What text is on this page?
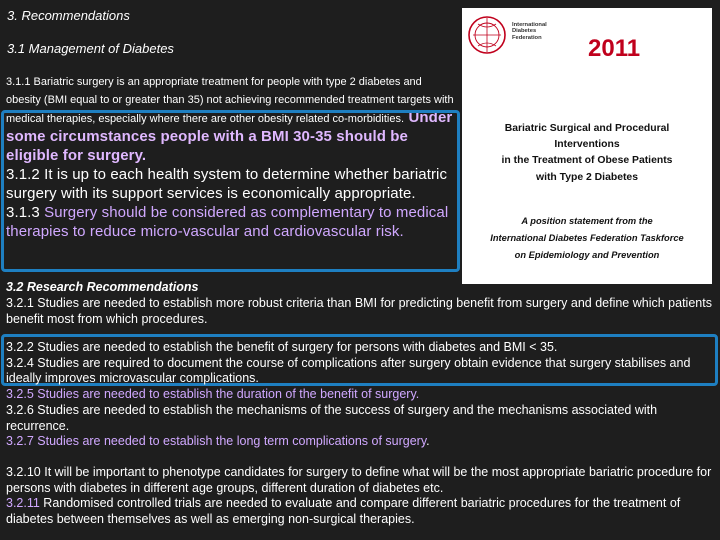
3. Recommendations
3.1 Management of Diabetes
3.1.1 Bariatric surgery is an appropriate treatment for people with type 2 diabetes and obesity (BMI equal to or greater than 35) not achieving recommended treatment targets with medical therapies, especially where there are other obesity related co-morbidities. Under some circumstances people with a BMI 30-35 should be eligible for surgery.
3.1.2 It is up to each health system to determine whether bariatric surgery with its support services is economically appropriate.
3.1.3 Surgery should be considered as complementary to medical therapies to reduce micro-vascular and cardiovascular risk.
3.2 Research Recommendations
3.2.1 Studies are needed to establish more robust criteria than BMI for predicting benefit from surgery and define which patients benefit most from which procedures.
3.2.2 Studies are needed to establish the benefit of surgery for persons with diabetes and BMI < 35.
3.2.4 Studies are required to document the course of complications after surgery obtain evidence that surgery stabilises and ideally improves microvascular complications.
3.2.5 Studies are needed to establish the duration of the benefit of surgery.
3.2.6 Studies are needed to establish the mechanisms of the success of surgery and the mechanisms associated with recurrence.
3.2.7 Studies are needed to establish the long term complications of surgery.
3.2.10 It will be important to phenotype candidates for surgery to define what will be the most appropriate bariatric procedure for persons with diabetes in different age groups, different duration of diabetes etc.
3.2.11 Randomised controlled trials are needed to evaluate and compare different bariatric procedures for the treatment of diabetes between themselves as well as emerging non-surgical therapies.
International
Diabetes
Federation 2011
Bariatric Surgical and Procedural
Interventions
in the Treatment of Obese Patients
with Type 2 Diabetes
A position statement from the
International Diabetes Federation Taskforce
on Epidemiology and Prevention
